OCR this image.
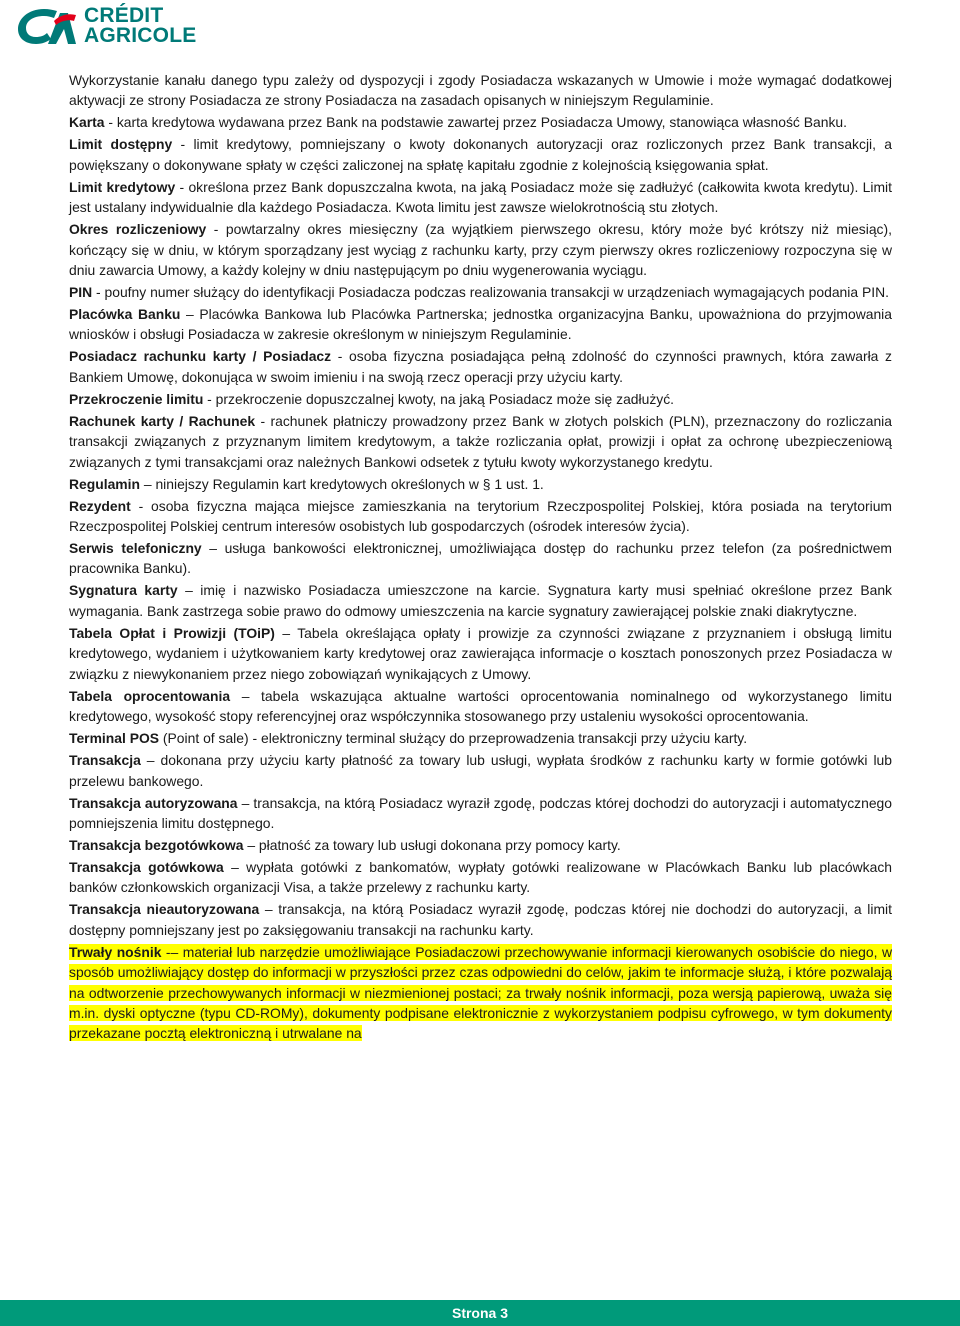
CRÉDIT
AGRICOLE

Wykorzystanie kanału danego typu zależy od dyspozycji i zgody Posiadacza wskazanych w Umowie i może wymagać dodatkowej aktywacji ze strony Posiadacza ze strony Posiadacza na zasadach opisanych w niniejszym Regulaminie.

Karta - karta kredytowa wydawana przez Bank na podstawie zawartej przez Posiadacza Umowy, stanowiąca własność Banku.

Limit dostępny - limit kredytowy, pomniejszany o kwoty dokonanych autoryzacji oraz rozliczonych przez Bank transakcji, a powiększany o dokonywane spłaty w części zaliczonej na spłatę kapitału zgodnie z kolejnością księgowania spłat.

Limit kredytowy - określona przez Bank dopuszczalna kwota, na jaką Posiadacz może się zadłużyć (całkowita kwota kredytu). Limit jest ustalany indywidualnie dla każdego Posiadacza. Kwota limitu jest zawsze wielokrotnością stu złotych.

Okres rozliczeniowy - powtarzalny okres miesięczny (za wyjątkiem pierwszego okresu, który może być krótszy niż miesiąc), kończący się w dniu, w którym sporządzany jest wyciąg z rachunku karty, przy czym pierwszy okres rozliczeniowy rozpoczyna się w dniu zawarcia Umowy, a każdy kolejny w dniu następującym po dniu wygenerowania wyciągu.

PIN - poufny numer służący do identyfikacji Posiadacza podczas realizowania transakcji w urządzeniach wymagających podania PIN.

Placówka Banku – Placówka Bankowa lub Placówka Partnerska; jednostka organizacyjna Banku, upoważniona do przyjmowania wniosków i obsługi Posiadacza w zakresie określonym w niniejszym Regulaminie.

Posiadacz rachunku karty / Posiadacz - osoba fizyczna posiadająca pełną zdolność do czynności prawnych, która zawarła z Bankiem Umowę, dokonująca w swoim imieniu i na swoją rzecz operacji przy użyciu karty.

Przekroczenie limitu - przekroczenie dopuszczalnej kwoty, na jaką Posiadacz może się zadłużyć.

Rachunek karty / Rachunek - rachunek płatniczy prowadzony przez Bank w złotych polskich (PLN), przeznaczony do rozliczania transakcji związanych z przyznanym limitem kredytowym, a także rozliczania opłat, prowizji i opłat za ochronę ubezpieczeniową związanych z tymi transakcjami oraz należnych Bankowi odsetek z tytułu kwoty wykorzystanego kredytu.

Regulamin – niniejszy Regulamin kart kredytowych określonych w § 1 ust. 1.

Rezydent - osoba fizyczna mająca miejsce zamieszkania na terytorium Rzeczpospolitej Polskiej, która posiada na terytorium Rzeczpospolitej Polskiej centrum interesów osobistych lub gospodarczych (ośrodek interesów życia).

Serwis telefoniczny – usługa bankowości elektronicznej, umożliwiająca dostęp do rachunku przez telefon (za pośrednictwem pracownika Banku).

Sygnatura karty – imię i nazwisko Posiadacza umieszczone na karcie. Sygnatura karty musi spełniać określone przez Bank wymagania. Bank zastrzega sobie prawo do odmowy umieszczenia na karcie sygnatury zawierającej polskie znaki diakrytyczne.

Tabela Opłat i Prowizji (TOiP) – Tabela określająca opłaty i prowizje za czynności związane z przyznaniem i obsługą limitu kredytowego, wydaniem i użytkowaniem karty kredytowej oraz zawierająca informacje o kosztach ponoszonych przez Posiadacza w związku z niewykonaniem przez niego zobowiązań wynikających z Umowy.

Tabela oprocentowania – tabela wskazująca aktualne wartości oprocentowania nominalnego od wykorzystanego limitu kredytowego, wysokość stopy referencyjnej oraz współczynnika stosowanego przy ustaleniu wysokości oprocentowania.

Terminal POS (Point of sale) - elektroniczny terminal służący do przeprowadzenia transakcji przy użyciu karty.

Transakcja – dokonana przy użyciu karty płatność za towary lub usługi, wypłata środków z rachunku karty w formie gotówki lub przelewu bankowego.

Transakcja autoryzowana – transakcja, na którą Posiadacz wyraził zgodę, podczas której dochodzi do autoryzacji i automatycznego pomniejszenia limitu dostępnego.

Transakcja bezgotówkowa – płatność za towary lub usługi dokonana przy pomocy karty.

Transakcja gotówkowa – wypłata gotówki z bankomatów, wypłaty gotówki realizowane w Placówkach Banku lub placówkach banków członkowskich organizacji Visa, a także przelewy z rachunku karty.

Transakcja nieautoryzowana – transakcja, na którą Posiadacz wyraził zgodę, podczas której nie dochodzi do autoryzacji, a limit dostępny pomniejszany jest po zaksięgowaniu transakcji na rachunku karty.

Trwały nośnik -– materiał lub narzędzie umożliwiające Posiadaczowi przechowywanie informacji kierowanych osobiście do niego, w sposób umożliwiający dostęp do informacji w przyszłości przez czas odpowiedni do celów, jakim te informacje służą, i które pozwalają na odtworzenie przechowywanych informacji w niezmienionej postaci; za trwały nośnik informacji, poza wersją papierową, uważa się m.in. dyski optyczne (typu CD-ROMy), dokumenty podpisane elektronicznie z wykorzystaniem podpisu cyfrowego, w tym dokumenty przekazane pocztą elektroniczną i utrwalane na

Strona 3
